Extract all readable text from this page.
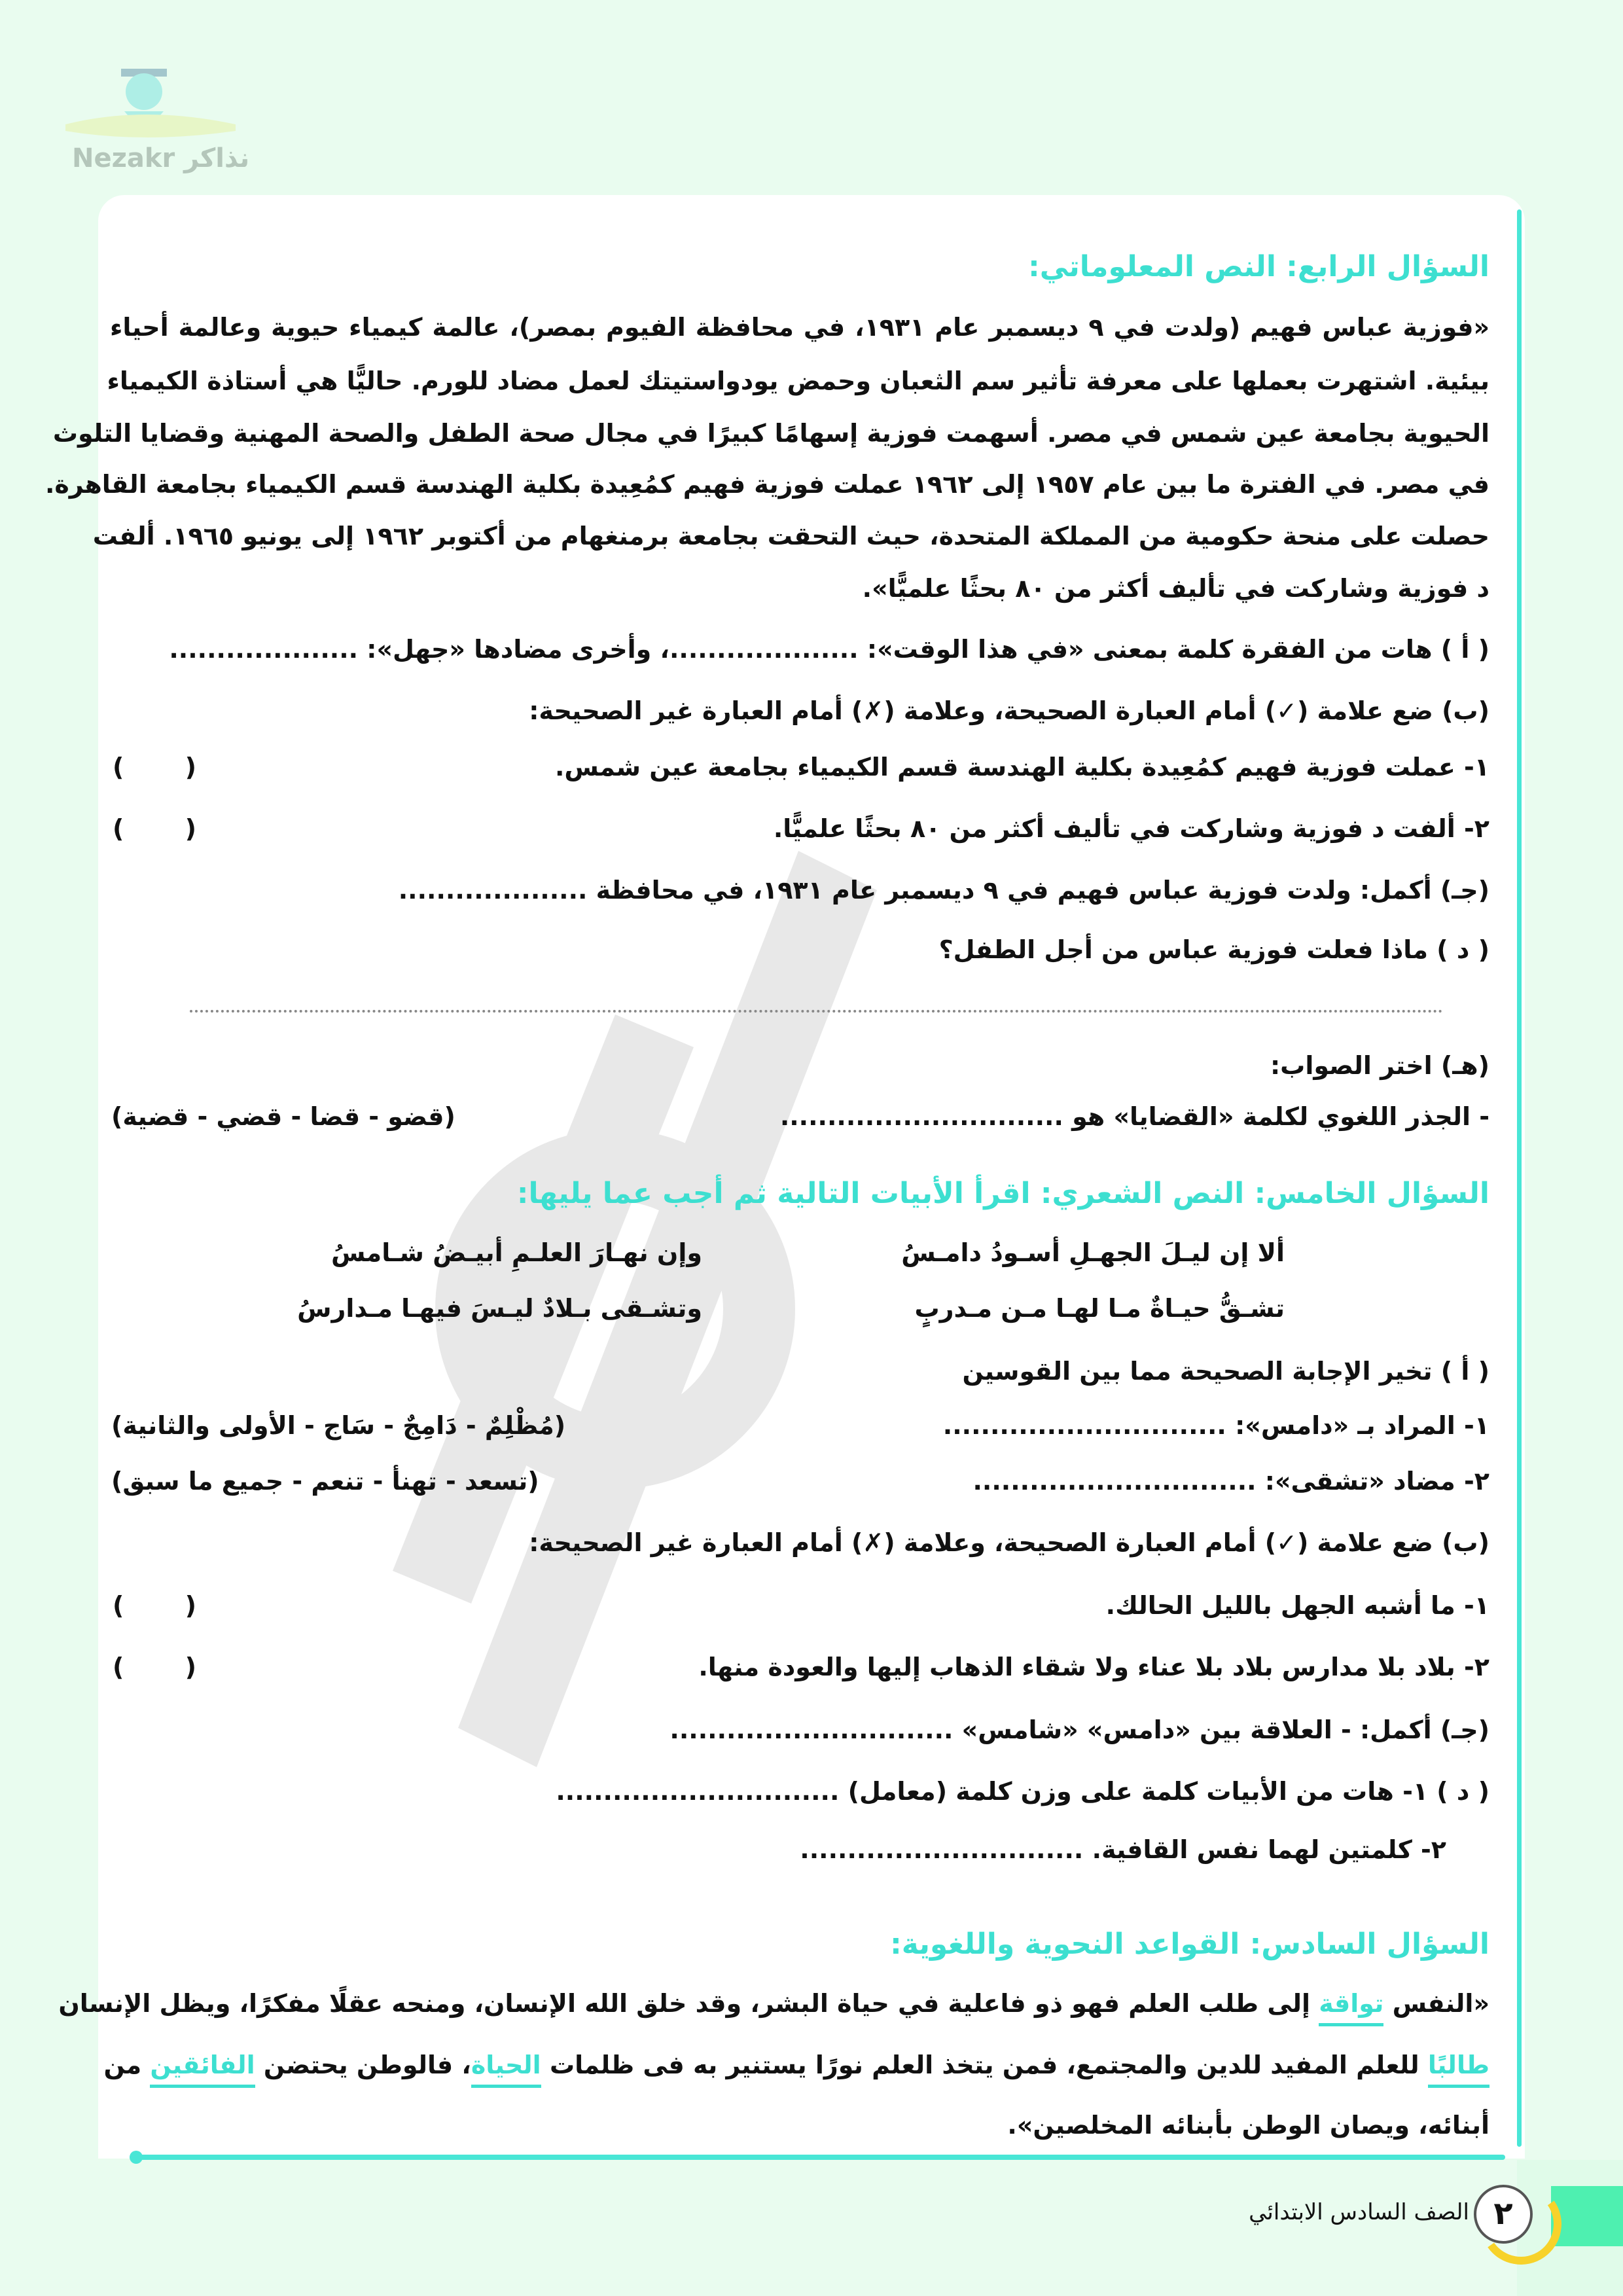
Nezakr نذاكر
السؤال الرابع: النص المعلوماتي:
«فوزية عباس فهيم (ولدت في ٩ ديسمبر عام ١٩٣١، في محافظة الفيوم بمصر)، عالمة كيمياء حيوية وعالمة أحياء
بيئية. اشتهرت بعملها على معرفة تأثير سم الثعبان وحمض يودواستيتك لعمل مضاد للورم. حاليًّا هي أستاذة الكيمياء
الحيوية بجامعة عين شمس في مصر. أسهمت فوزية إسهامًا كبيرًا في مجال صحة الطفل والصحة المهنية وقضايا التلوث
في مصر. في الفترة ما بين عام ١٩٥٧ إلى ١٩٦٢ عملت فوزية فهيم كمُعِيدة بكلية الهندسة قسم الكيمياء بجامعة القاهرة.
حصلت على منحة حكومية من المملكة المتحدة، حيث التحقت بجامعة برمنغهام من أكتوبر ١٩٦٢ إلى يونيو ١٩٦٥. ألفت
د فوزية وشاركت في تأليف أكثر من ٨٠ بحثًا علميًّا».
( أ ) هات من الفقرة كلمة بمعنى «في هذا الوقت»: ....................، وأخرى مضادها «جهل»: ....................
(ب) ضع علامة (✓) أمام العبارة الصحيحة، وعلامة (✗) أمام العبارة غير الصحيحة:
١- عملت فوزية فهيم كمُعِيدة بكلية الهندسة قسم الكيمياء بجامعة عين شمس.
( )
٢- ألفت د فوزية وشاركت في تأليف أكثر من ٨٠ بحثًا علميًّا.
( )
(جـ) أكمل: ولدت فوزية عباس فهيم في ٩ ديسمبر عام ١٩٣١، في محافظة ....................
( د ) ماذا فعلت فوزية عباس من أجل الطفل؟
(هـ) اختر الصواب:
- الجذر اللغوي لكلمة «القضايا» هو ..............................
(قضو - قضا - قضي - قضية)
السؤال الخامس: النص الشعري: اقرأ الأبيات التالية ثم أجب عما يليها:
ألا إن ليـلَ الجهـلِ أسـودُ دامـسُ
وإن نهـارَ العلـمِ أبيـضُ شـامسُ
تشـقُّ حيـاةٌ مـا لهـا مـن مـدربٍ
وتشـقى بـلادٌ ليـسَ فيهـا مـدارسُ
( أ ) تخير الإجابة الصحيحة مما بين القوسين
١- المراد بـ «دامس»: ..............................
(مُظْلِمٌ - دَامِجٌ - سَاج - الأولى والثانية)
٢- مضاد «تشقى»: ..............................
(تسعد - تهنأ - تنعم - جميع ما سبق)
(ب) ضع علامة (✓) أمام العبارة الصحيحة، وعلامة (✗) أمام العبارة غير الصحيحة:
١- ما أشبه الجهل بالليل الحالك.
( )
٢- بلاد بلا مدارس بلاد بلا عناء ولا شقاء الذهاب إليها والعودة منها.
( )
(جـ) أكمل: - العلاقة بين «دامس» «شامس» ..............................
( د ) ١- هات من الأبيات كلمة على وزن كلمة (معامل) ..............................
٢- كلمتين لهما نفس القافية. ..............................
السؤال السادس: القواعد النحوية واللغوية:
«النفس تواقة إلى طلب العلم فهو ذو فاعلية في حياة البشر، وقد خلق الله الإنسان، ومنحه عقلًا مفكرًا، ويظل الإنسان
طالبًا للعلم المفيد للدين والمجتمع، فمن يتخذ العلم نورًا يستنير به فى ظلمات الحياة، فالوطن يحتضن الفائقين من
أبنائه، ويصان الوطن بأبنائه المخلصين».
٢
الصف السادس الابتدائي
